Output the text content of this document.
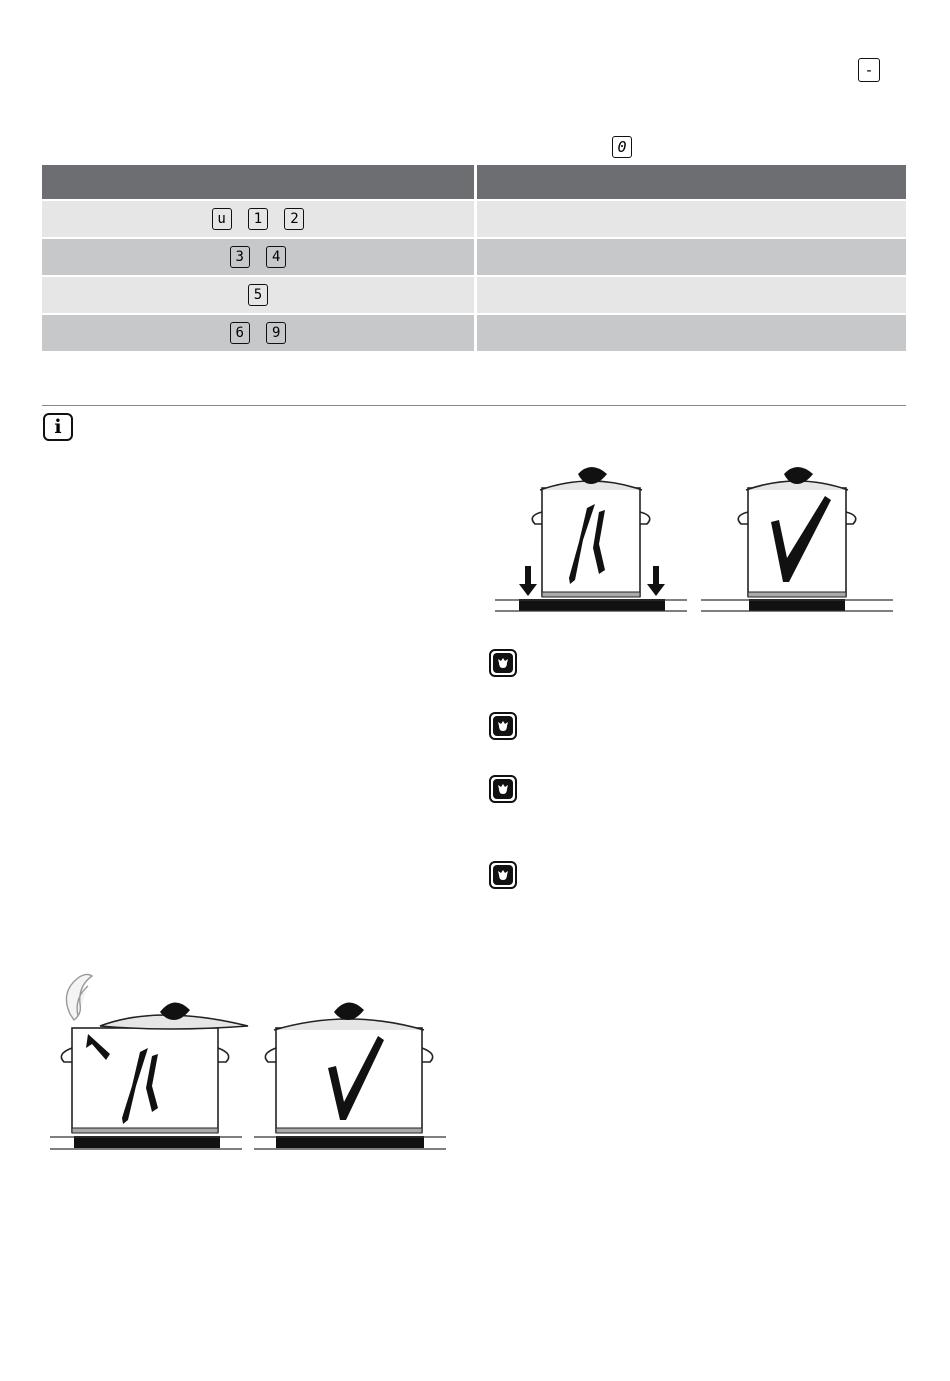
-
0

u 1 2	
3 4	
5	
6 9	
i
